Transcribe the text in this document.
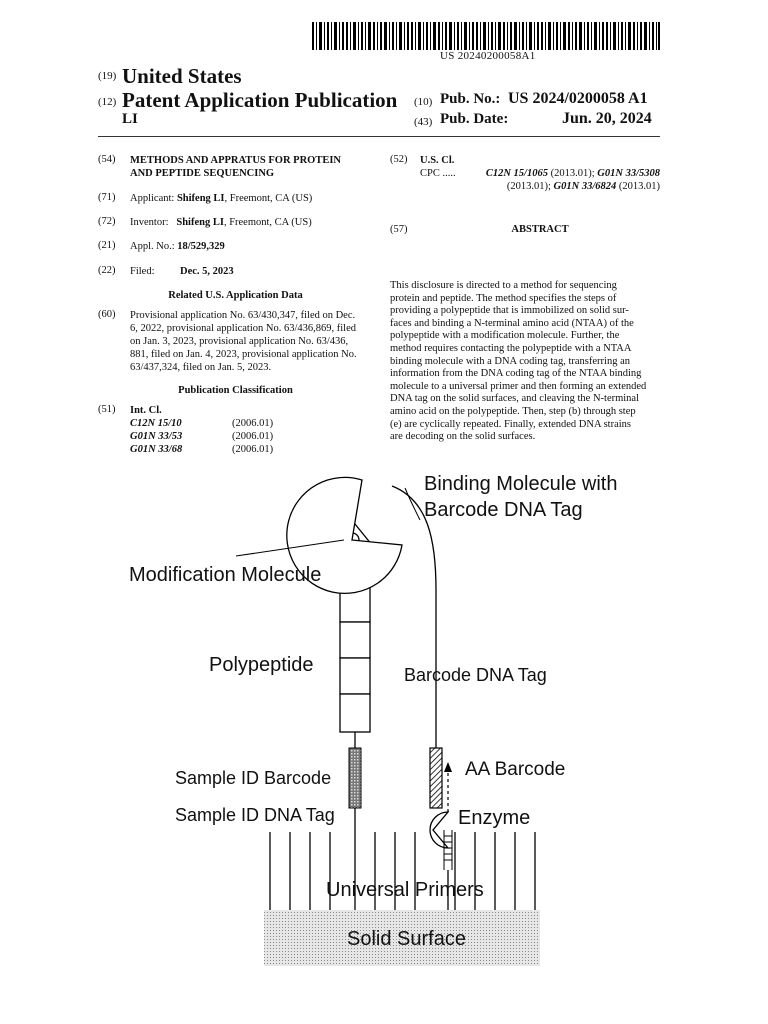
US 20240200058A1
(19) United States
(12) Patent Application Publication (10) Pub. No.: US 2024/0200058 A1
LI	(43) Pub. Date:	Jun. 20, 2024
(54) METHODS AND APPRATUS FOR PROTEIN
AND PEPTIDE SEQUENCING
(71) Applicant: Shifeng LI, Freemont, CA (US)
(72) Inventor: Shifeng LI, Freemont, CA (US)
(21) Appl. No.: 18/529,329
(22) Filed: Dec. 5, 2023
Related U.S. Application Data
(60) Provisional application No. 63/430,347, filed on Dec.
6, 2022, provisional application No. 63/436,869, filed
on Jan. 3, 2023, provisional application No. 63/436,
881, filed on Jan. 4, 2023, provisional application No.
63/437,324, filed on Jan. 5, 2023.
Publication Classification
(51) Int. Cl.
C12N 15/10	(2006.01)
G01N 33/53	(2006.01)
G01N 33/68	(2006.01)
(52) U.S. Cl.
CPC .....	C12N 15/1065 (2013.01); G01N 33/5308
(2013.01); G01N 33/6824 (2013.01)
(57)	ABSTRACT
This disclosure is directed to a method for sequencing
protein and peptide. The method specifies the steps of
providing a polypeptide that is immobilized on solid sur-
faces and binding a N-terminal amino acid (NTAA) of the
polypeptide with a modification molecule. Further, the
method requires contacting the polypeptide with a NTAA
binding molecule with a DNA coding tag, transferring an
information from the DNA coding tag of the NTAA binding
molecule to a universal primer and then forming an extended
DNA tag on the solid surfaces, and cleaving the N-terminal
amino acid on the polypeptide. Then, step (b) through step
(e) are cyclically repeated. Finally, extended DNA strains
are decoding on the solid surfaces.
Binding Molecule with
Barcode DNA Tag
Modification Molecule
Polypeptide	Barcode DNA Tag
AA Barcode
Sample ID Barcode
Sample ID DNA Tag	Enzyme
Universal Primers
Solid Surface
